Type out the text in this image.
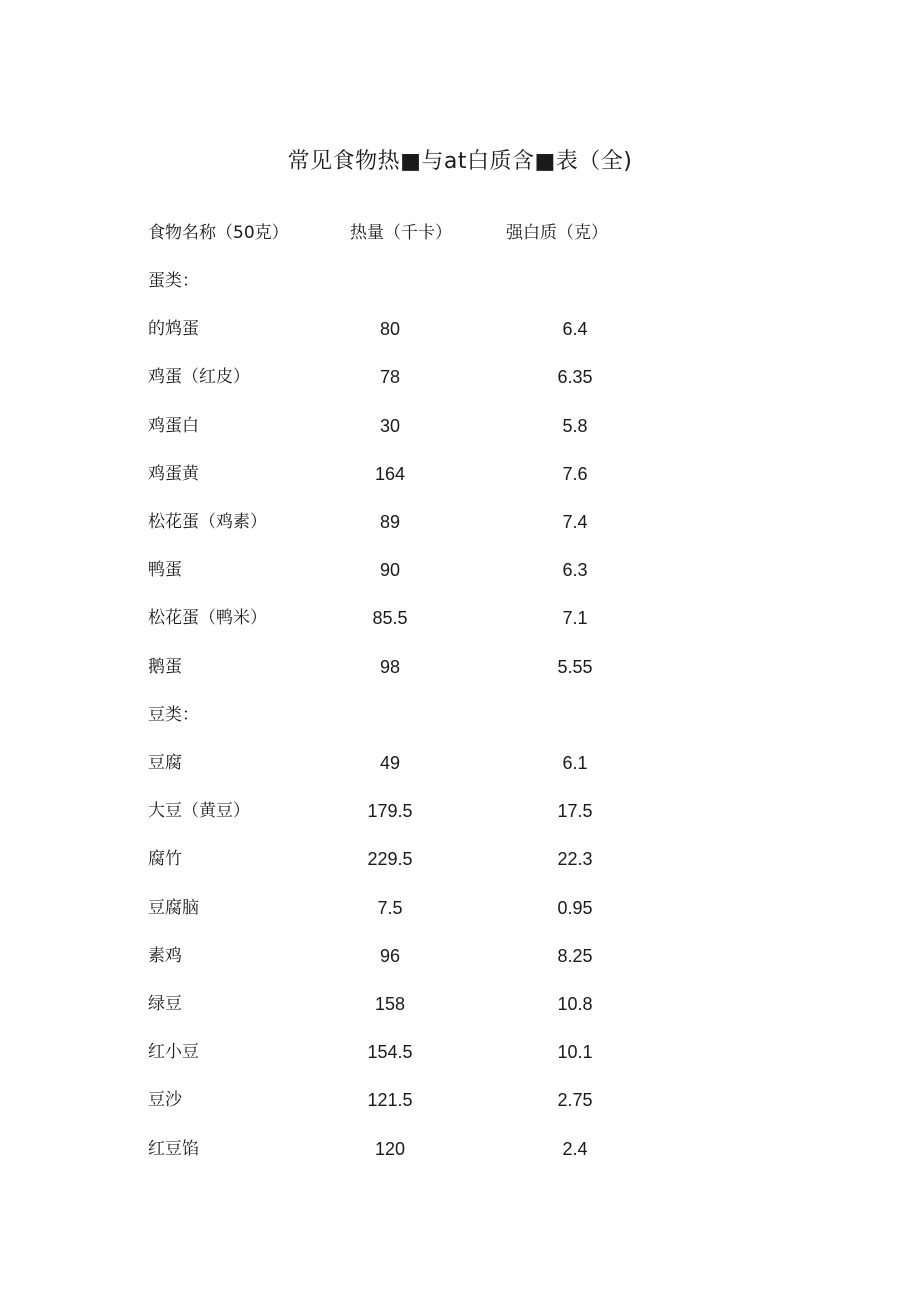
常见食物热■与at白质含■表（全)
食物名称（50克）	热量（千卡）	强白质（克）
蛋类：
的鸩蛋	80	6.4
鸡蛋（红皮）	78	6.35
鸡蛋白	30	5.8
鸡蛋黄	164	7.6
松花蛋（鸡素）	89	7.4
鸭蛋	90	6.3
松花蛋（鸭米）	85.5	7.1
鹅蛋	98	5.55
豆类：
豆腐	49	6.1
大豆（黄豆）	179.5	17.5
腐竹	229.5	22.3
豆腐脑	7.5	0.95
素鸡	96	8.25
绿豆	158	10.8
红小豆	154.5	10.1
豆沙	121.5	2.75
红豆馅	120	2.4
